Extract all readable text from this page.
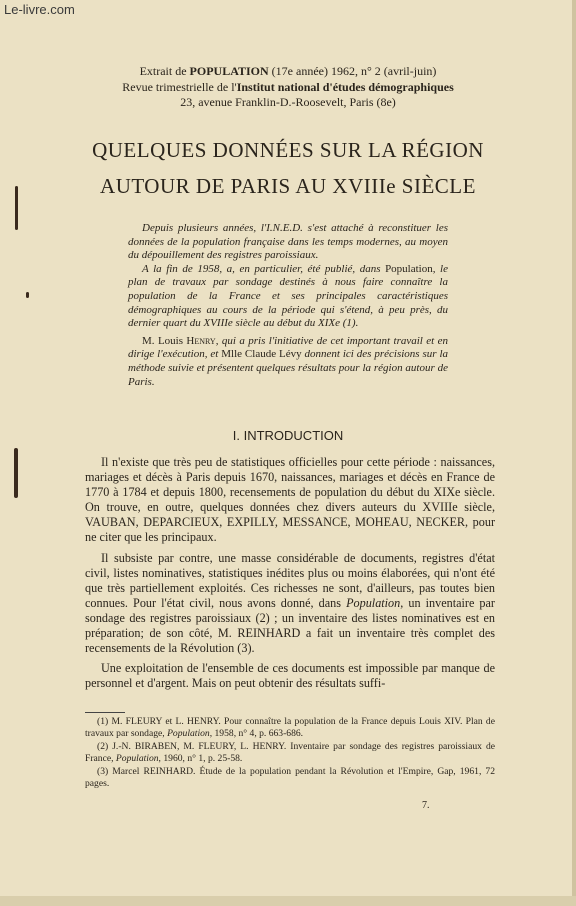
Le-livre.com
Extrait de POPULATION (17e année) 1962, n° 2 (avril-juin)
Revue trimestrielle de l'Institut national d'études démographiques
23, avenue Franklin-D.-Roosevelt, Paris (8e)
QUELQUES DONNÉES SUR LA RÉGION
AUTOUR DE PARIS AU XVIIIe SIÈCLE

Depuis plusieurs années, l'I.N.E.D. s'est attaché à reconstituer les données de la population française dans les temps modernes, au moyen du dépouillement des registres paroissiaux.

A la fin de 1958, a, en particulier, été publié, dans Population, le plan de travaux par sondage destinés à nous faire connaître la population de la France et ses principales caractéristiques démographiques au cours de la période qui s'étend, à peu près, du dernier quart du XVIIIe siècle au début du XIXe (1).

M. Louis Henry, qui a pris l'initiative de cet important travail et en dirige l'exécution, et Mlle Claude Lévy donnent ici des précisions sur la méthode suivie et présentent quelques résultats pour la région autour de Paris.

I. INTRODUCTION

Il n'existe que très peu de statistiques officielles pour cette période : naissances, mariages et décès à Paris depuis 1670, naissances, mariages et décès en France de 1770 à 1784 et depuis 1800, recensements de population du début du XIXe siècle. On trouve, en outre, quelques données chez divers auteurs du XVIIIe siècle, VAUBAN, DEPARCIEUX, EXPILLY, MESSANCE, MOHEAU, NECKER, pour ne citer que les principaux.

Il subsiste par contre, une masse considérable de documents, registres d'état civil, listes nominatives, statistiques inédites plus ou moins élaborées, qui n'ont été que très partiellement exploités. Ces richesses ne sont, d'ailleurs, pas toutes bien connues. Pour l'état civil, nous avons donné, dans Population, un inventaire par sondage des registres paroissiaux (2) ; un inventaire des listes nominatives est en préparation; de son côté, M. REINHARD a fait un inventaire très complet des recensements de la Révolution (3).

Une exploitation de l'ensemble de ces documents est impossible par manque de personnel et d'argent. Mais on peut obtenir des résultats suffi-

(1) M. FLEURY et L. HENRY. Pour connaître la population de la France depuis Louis XIV. Plan de travaux par sondage, Population, 1958, n° 4, p. 663-686.

(2) J.-N. BIRABEN, M. FLEURY, L. HENRY. Inventaire par sondage des registres paroissiaux de France, Population, 1960, n° 1, p. 25-58.

(3) Marcel REINHARD. Étude de la population pendant la Révolution et l'Empire, Gap, 1961, 72 pages.

7.
